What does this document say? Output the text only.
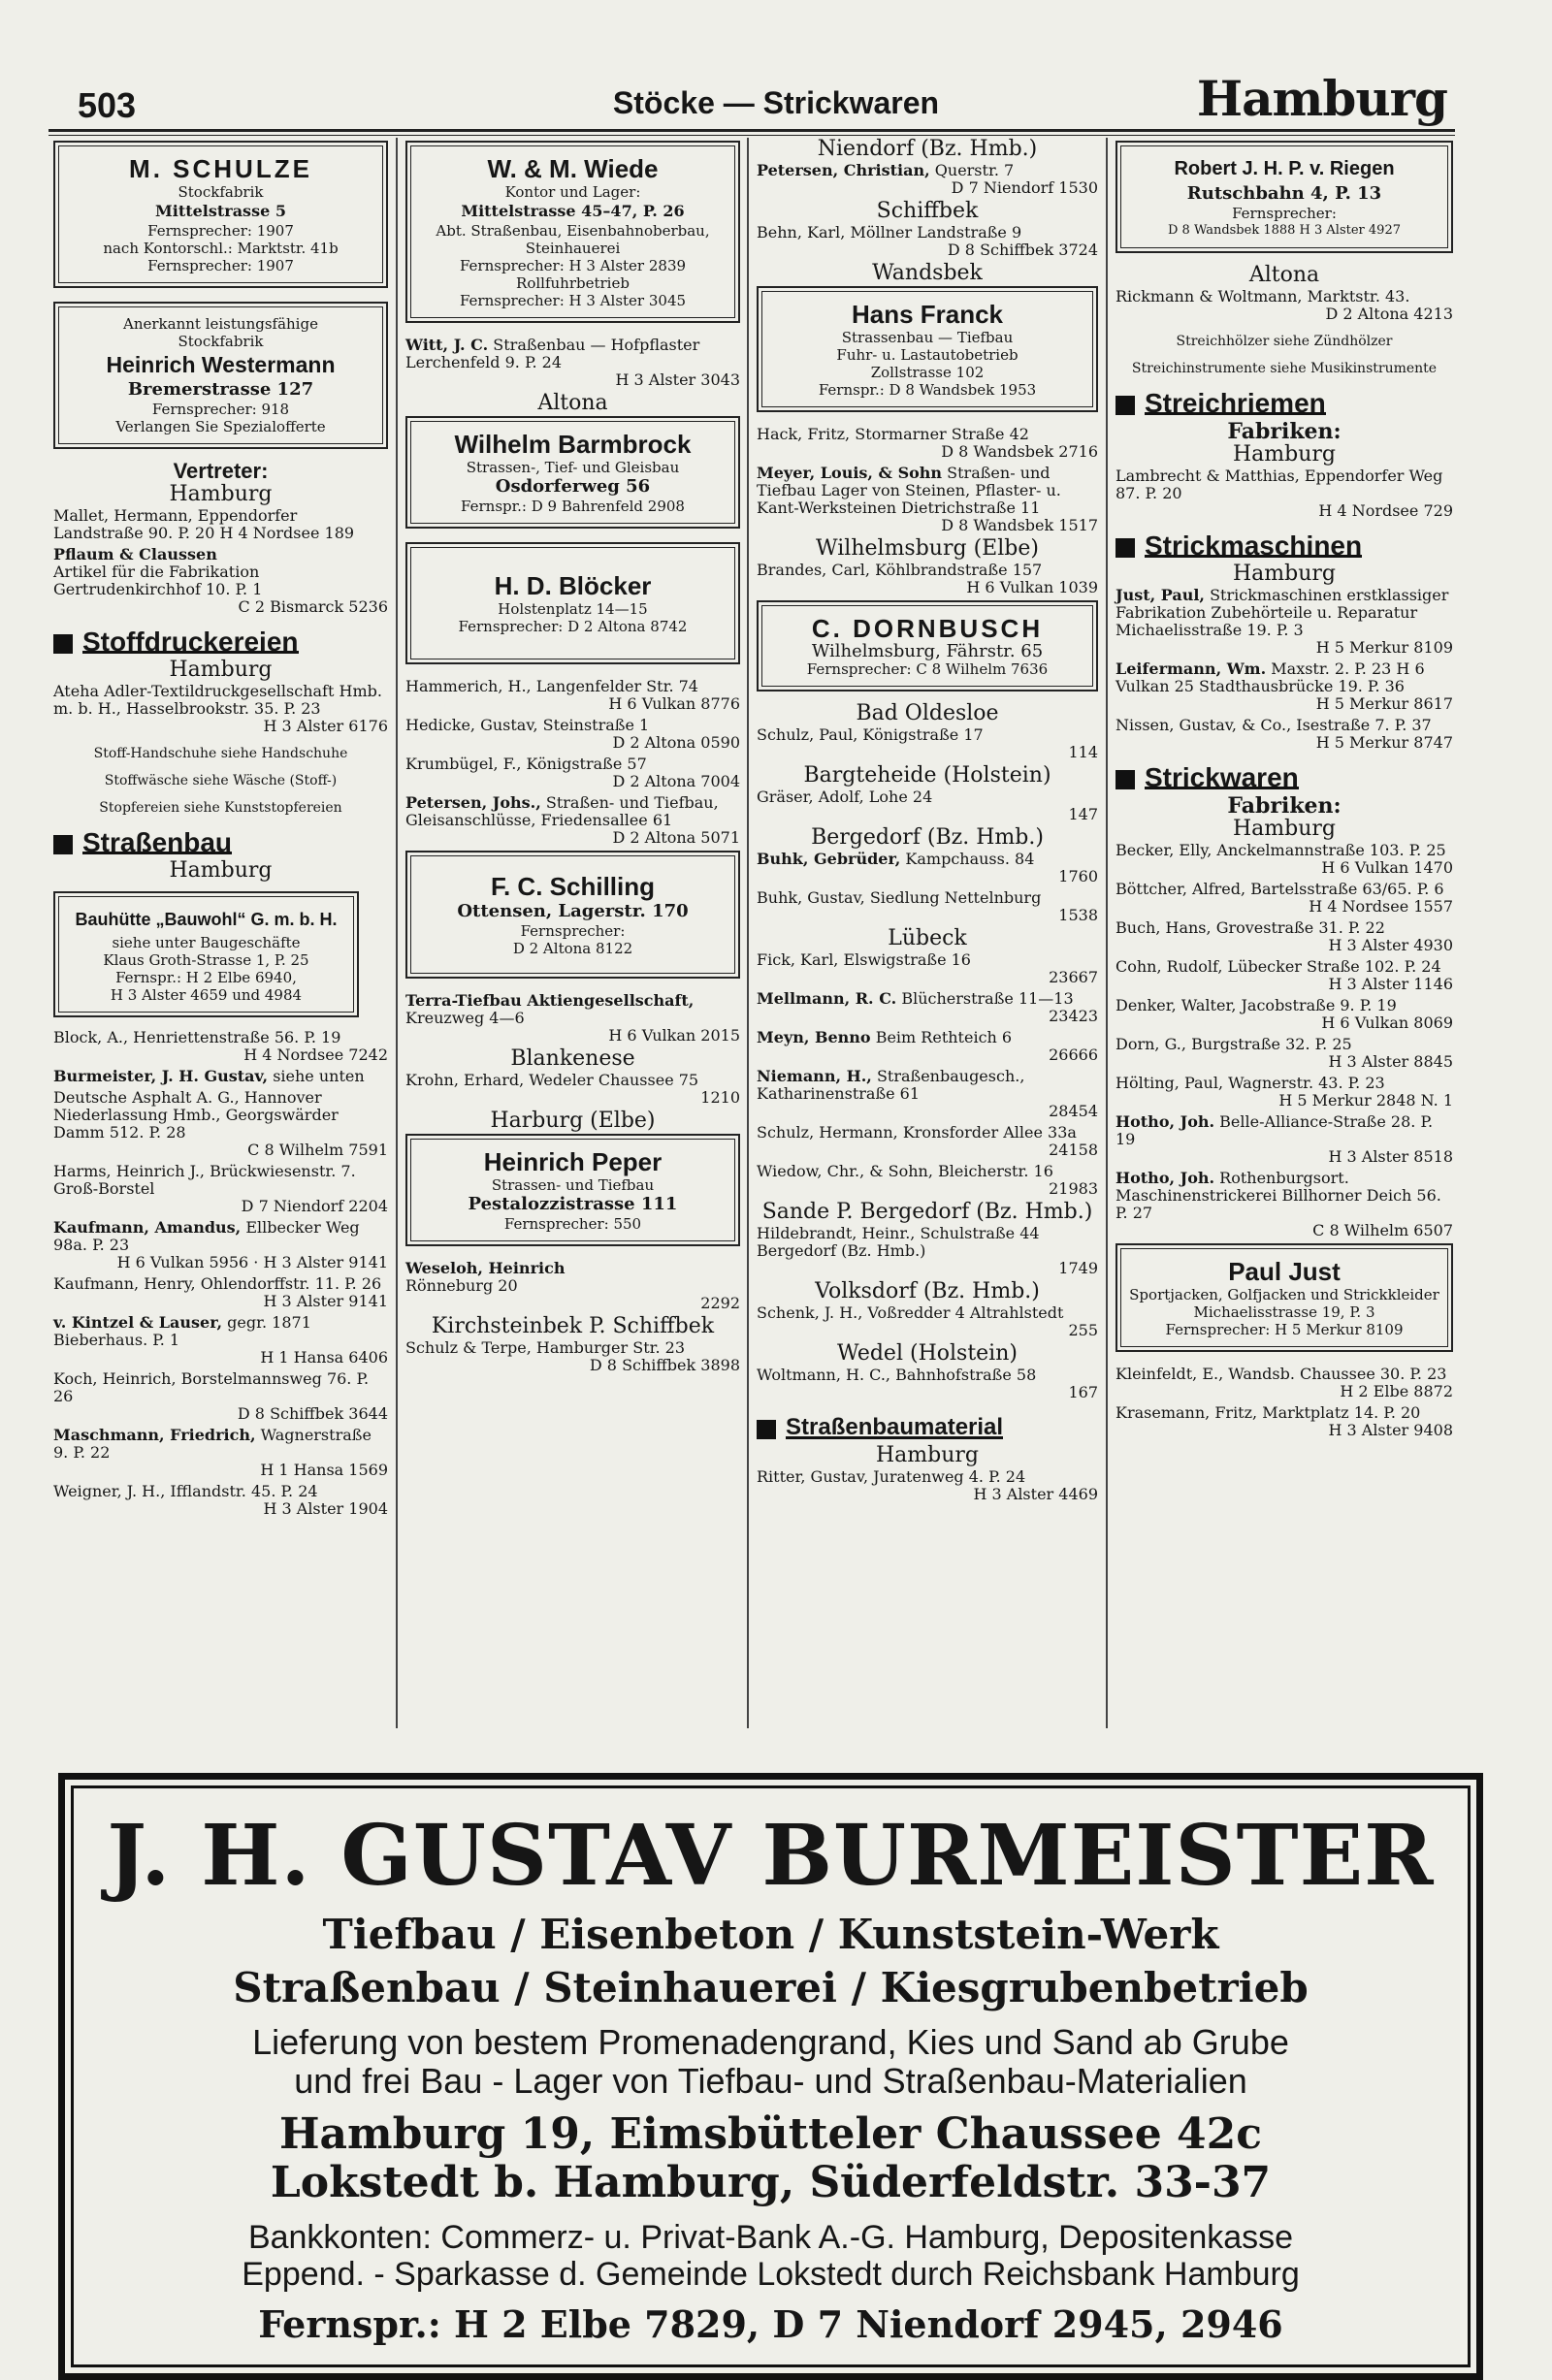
503	Stöcke — Strickwaren	Hamburg
M. SCHULZE
Stockfabrik
Mittelstrasse 5
Fernsprecher: 1907
nach Kontorschl.: Marktstr. 41b
Fernsprecher: 1907
Anerkannt leistungsfähige
Stockfabrik
Heinrich Westermann
Bremerstrasse 127
Fernsprecher: 918
Verlangen Sie Spezialofferte
Vertreter:
Hamburg
Mallet, Hermann, Eppendorfer Landstraße 90. P. 20 H 4 Nordsee 189
Pflaum & Claussen
Artikel für die Fabrikation Gertrudenkirchhof 10. P. 1
C 2 Bismarck 5236
Stoffdruckereien
Hamburg
Ateha Adler-Textildruckgesellschaft Hmb. m. b. H., Hasselbrookstr. 35. P. 23
H 3 Alster 6176
Stoff-Handschuhe siehe Handschuhe
Stoffwäsche siehe Wäsche (Stoff-)
Stopfereien siehe Kunststopfereien
Straßenbau
Hamburg
Bauhütte „Bauwohl“ G. m. b. H.
siehe unter Baugeschäfte
Klaus Groth-Strasse 1, P. 25
Fernspr.: H 2 Elbe 6940,
H 3 Alster 4659 und 4984
Block, A., Henriettenstraße 56. P. 19
H 4 Nordsee 7242
Burmeister, J. H. Gustav, siehe unten
Deutsche Asphalt A. G., Hannover Niederlassung Hmb., Georgswärder Damm 512. P. 28
C 8 Wilhelm 7591
Harms, Heinrich J., Brückwiesenstr. 7. Groß-Borstel
D 7 Niendorf 2204
Kaufmann, Amandus, Ellbecker Weg 98a. P. 23
H 6 Vulkan 5956 · H 3 Alster 9141
Kaufmann, Henry, Ohlendorffstr. 11. P. 26
H 3 Alster 9141
v. Kintzel & Lauser, gegr. 1871 Bieberhaus. P. 1
H 1 Hansa 6406
Koch, Heinrich, Borstelmannsweg 76. P. 26
D 8 Schiffbek 3644
Maschmann, Friedrich, Wagnerstraße 9. P. 22
H 1 Hansa 1569
Weigner, J. H., Ifflandstr. 45. P. 24
H 3 Alster 1904
W. & M. Wiede
Kontor und Lager:
Mittelstrasse 45–47, P. 26
Abt. Straßenbau, Eisenbahnoberbau, Steinhauerei
Fernsprecher: H 3 Alster 2839
Rollfuhrbetrieb
Fernsprecher: H 3 Alster 3045
Witt, J. C. Straßenbau — Hofpflaster Lerchenfeld 9. P. 24
H 3 Alster 3043
Altona
Wilhelm Barmbrock
Strassen-, Tief- und Gleisbau
Osdorferweg 56
Fernspr.: D 9 Bahrenfeld 2908
H. D. Blöcker
Holstenplatz 14—15
Fernsprecher: D 2 Altona 8742
Hammerich, H., Langenfelder Str. 74
H 6 Vulkan 8776
Hedicke, Gustav, Steinstraße 1
D 2 Altona 0590
Krumbügel, F., Königstraße 57
D 2 Altona 7004
Petersen, Johs., Straßen- und Tiefbau, Gleisanschlüsse, Friedensallee 61
D 2 Altona 5071
F. C. Schilling
Ottensen, Lagerstr. 170
Fernsprecher:
D 2 Altona 8122
Terra-Tiefbau Aktiengesellschaft, Kreuzweg 4—6
H 6 Vulkan 2015
Blankenese
Krohn, Erhard, Wedeler Chaussee 75
1210
Harburg (Elbe)
Heinrich Peper
Strassen- und Tiefbau
Pestalozzistrasse 111
Fernsprecher: 550
Weseloh, Heinrich
Rönneburg 20
2292
Kirchsteinbek P. Schiffbek
Schulz & Terpe, Hamburger Str. 23
D 8 Schiffbek 3898
Niendorf (Bz. Hmb.)
Petersen, Christian, Querstr. 7
D 7 Niendorf 1530
Schiffbek
Behn, Karl, Möllner Landstraße 9
D 8 Schiffbek 3724
Wandsbek
Hans Franck
Strassenbau — Tiefbau
Fuhr- u. Lastautobetrieb
Zollstrasse 102
Fernspr.: D 8 Wandsbek 1953
Hack, Fritz, Stormarner Straße 42
D 8 Wandsbek 2716
Meyer, Louis, & Sohn Straßen- und Tiefbau Lager von Steinen, Pflaster- u. Kant-Werksteinen Dietrichstraße 11
D 8 Wandsbek 1517
Wilhelmsburg (Elbe)
Brandes, Carl, Köhlbrandstraße 157
H 6 Vulkan 1039
C. DORNBUSCH
Wilhelmsburg, Fährstr. 65
Fernsprecher: C 8 Wilhelm 7636
Bad Oldesloe
Schulz, Paul, Königstraße 17
114
Bargteheide (Holstein)
Gräser, Adolf, Lohe 24
147
Bergedorf (Bz. Hmb.)
Buhk, Gebrüder, Kampchauss. 84
1760
Buhk, Gustav, Siedlung Nettelnburg
1538
Lübeck
Fick, Karl, Elswigstraße 16
23667
Mellmann, R. C. Blücherstraße 11—13
23423
Meyn, Benno Beim Rethteich 6
26666
Niemann, H., Straßenbaugesch., Katharinenstraße 61
28454
Schulz, Hermann, Kronsforder Allee 33a
24158
Wiedow, Chr., & Sohn, Bleicherstr. 16
21983
Sande P. Bergedorf (Bz. Hmb.)
Hildebrandt, Heinr., Schulstraße 44 Bergedorf (Bz. Hmb.)
1749
Volksdorf (Bz. Hmb.)
Schenk, J. H., Voßredder 4 Altrahlstedt
255
Wedel (Holstein)
Woltmann, H. C., Bahnhofstraße 58
167
Straßenbaumaterial
Hamburg
Ritter, Gustav, Juratenweg 4. P. 24
H 3 Alster 4469
Robert J. H. P. v. Riegen
Rutschbahn 4, P. 13
Fernsprecher:
D 8 Wandsbek 1888 H 3 Alster 4927
Altona
Rickmann & Woltmann, Marktstr. 43.
D 2 Altona 4213
Streichhölzer siehe Zündhölzer
Streichinstrumente siehe Musikinstrumente
Streichriemen
Fabriken:
Hamburg
Lambrecht & Matthias, Eppendorfer Weg 87. P. 20
H 4 Nordsee 729
Strickmaschinen
Hamburg
Just, Paul, Strickmaschinen erstklassiger Fabrikation Zubehörteile u. Reparatur Michaelisstraße 19. P. 3
H 5 Merkur 8109
Leifermann, Wm. Maxstr. 2. P. 23 H 6 Vulkan 25 Stadthausbrücke 19. P. 36
H 5 Merkur 8617
Nissen, Gustav, & Co., Isestraße 7. P. 37
H 5 Merkur 8747
Strickwaren
Fabriken:
Hamburg
Becker, Elly, Anckelmannstraße 103. P. 25
H 6 Vulkan 1470
Böttcher, Alfred, Bartelsstraße 63/65. P. 6
H 4 Nordsee 1557
Buch, Hans, Grovestraße 31. P. 22
H 3 Alster 4930
Cohn, Rudolf, Lübecker Straße 102. P. 24
H 3 Alster 1146
Denker, Walter, Jacobstraße 9. P. 19
H 6 Vulkan 8069
Dorn, G., Burgstraße 32. P. 25
H 3 Alster 8845
Hölting, Paul, Wagnerstr. 43. P. 23
H 5 Merkur 2848 N. 1
Hotho, Joh. Belle-Alliance-Straße 28. P. 19
H 3 Alster 8518
Hotho, Joh. Rothenburgsort. Maschinenstrickerei Billhorner Deich 56. P. 27
C 8 Wilhelm 6507
Paul Just
Sportjacken, Golfjacken und Strickkleider
Michaelisstrasse 19, P. 3
Fernsprecher: H 5 Merkur 8109
Kleinfeldt, E., Wandsb. Chaussee 30. P. 23
H 2 Elbe 8872
Krasemann, Fritz, Marktplatz 14. P. 20
H 3 Alster 9408
J. H. GUSTAV BURMEISTER
Tiefbau / Eisenbeton / Kunststein-Werk
Straßenbau / Steinhauerei / Kiesgrubenbetrieb
Lieferung von bestem Promenadengrand, Kies und Sand ab Grube
und frei Bau - Lager von Tiefbau- und Straßenbau-Materialien
Hamburg 19, Eimsbütteler Chaussee 42c
Lokstedt b. Hamburg, Süderfeldstr. 33-37
Bankkonten: Commerz- u. Privat-Bank A.-G. Hamburg, Depositenkasse
Eppend. - Sparkasse d. Gemeinde Lokstedt durch Reichsbank Hamburg
Fernspr.: H 2 Elbe 7829, D 7 Niendorf 2945, 2946
